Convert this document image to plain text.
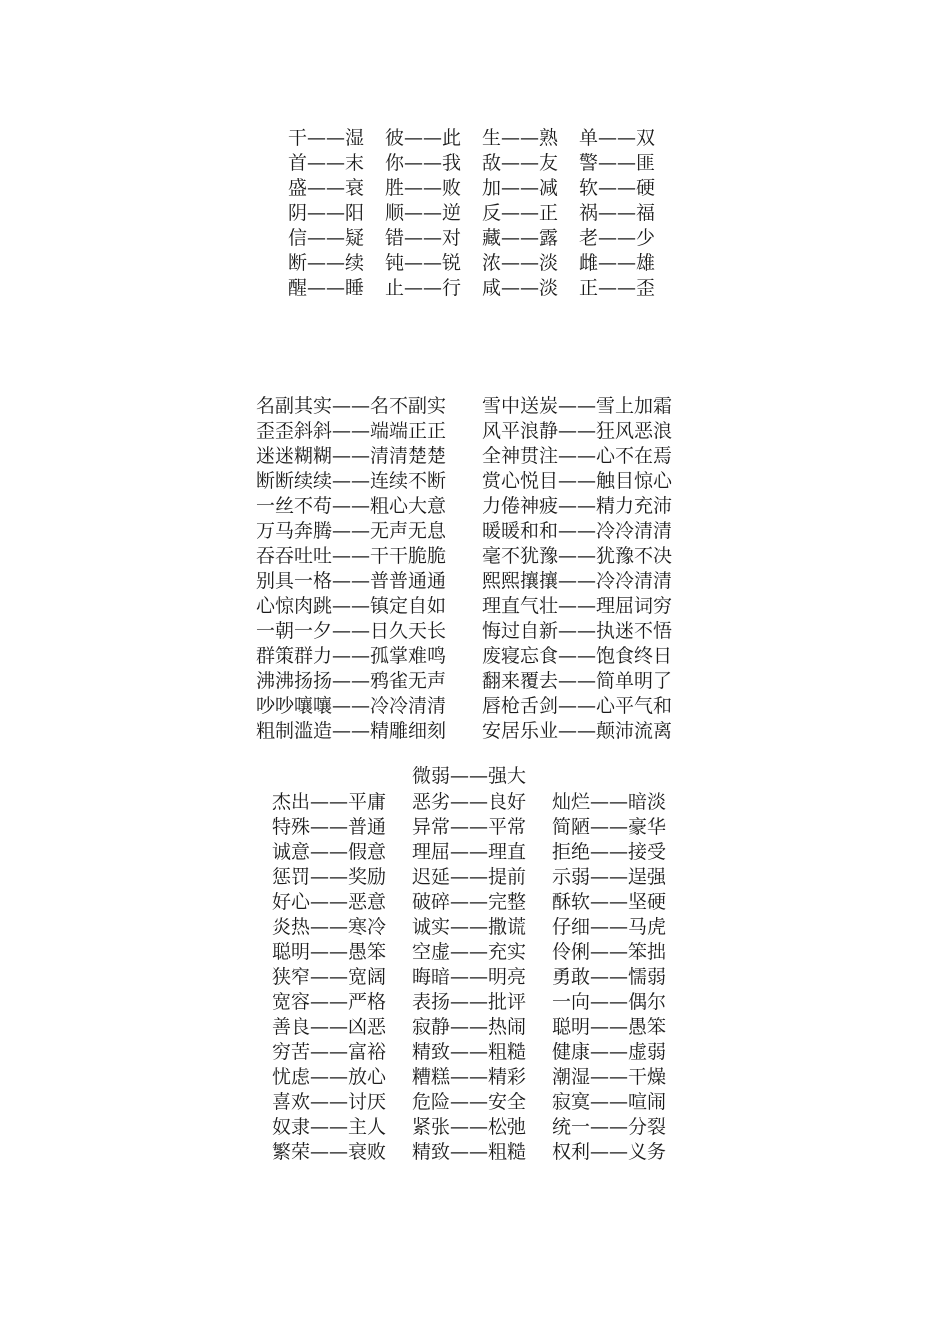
干——湿 彼——此 生——熟 单——双
首——末 你——我 敌——友 警——匪
盛——衰 胜——败 加——减 软——硬
阴——阳 顺——逆 反——正 祸——福
信——疑 错——对 藏——露 老——少
断——续 钝——锐 浓——淡 雌——雄
醒——睡 止——行 咸——淡 正——歪
名副其实——名不副实 雪中送炭——雪上加霜
歪歪斜斜——端端正正 风平浪静——狂风恶浪
迷迷糊糊——清清楚楚 全神贯注——心不在焉
断断续续——连续不断 赏心悦目——触目惊心
一丝不苟——粗心大意 力倦神疲——精力充沛
万马奔腾——无声无息 暖暖和和——冷冷清清
吞吞吐吐——干干脆脆 毫不犹豫——犹豫不决
别具一格——普普通通 熙熙攘攘——冷冷清清
心惊肉跳——镇定自如 理直气壮——理屈词穷
一朝一夕——日久天长 悔过自新——执迷不悟
群策群力——孤掌难鸣 废寝忘食——饱食终日
沸沸扬扬——鸦雀无声 翻来覆去——简单明了
吵吵嚷嚷——冷冷清清 唇枪舌剑——心平气和
粗制滥造——精雕细刻 安居乐业——颠沛流离
微弱——强大
杰出——平庸 恶劣——良好 灿烂——暗淡
特殊——普通 异常——平常 简陋——豪华
诚意——假意 理屈——理直 拒绝——接受
惩罚——奖励 迟延——提前 示弱——逞强
好心——恶意 破碎——完整 酥软——坚硬
炎热——寒冷 诚实——撒谎 仔细——马虎
聪明——愚笨 空虚——充实 伶俐——笨拙
狭窄——宽阔 晦暗——明亮 勇敢——懦弱
宽容——严格 表扬——批评 一向——偶尔
善良——凶恶 寂静——热闹 聪明——愚笨
穷苦——富裕 精致——粗糙 健康——虚弱
忧虑——放心 糟糕——精彩 潮湿——干燥
喜欢——讨厌 危险——安全 寂寞——喧闹
奴隶——主人 紧张——松弛 统一——分裂
繁荣——衰败 精致——粗糙 权利——义务
